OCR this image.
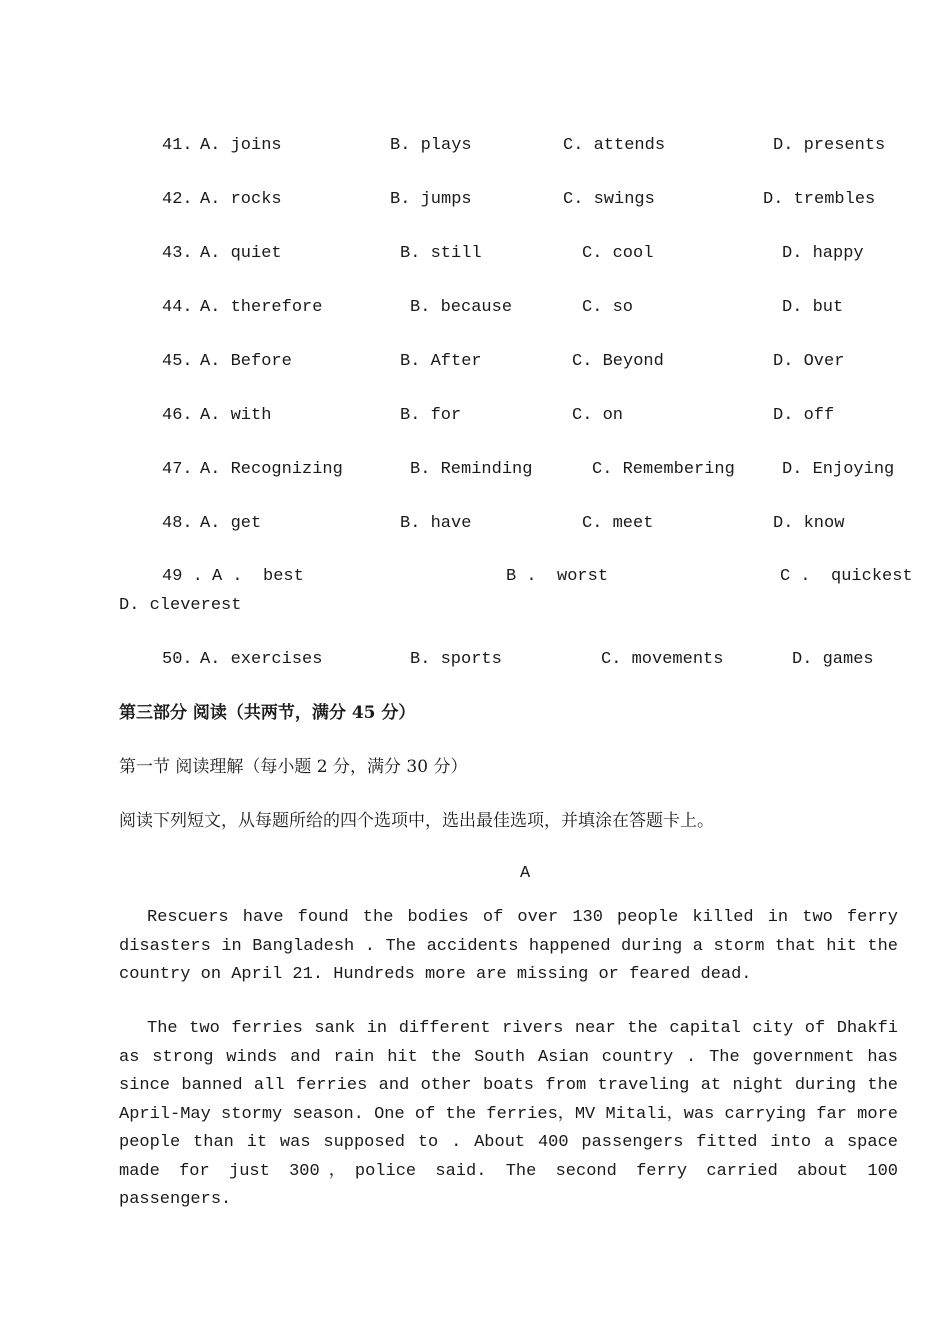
41. A. joins	B. plays	C. attends	D. presents
42. A. rocks	B. jumps	C. swings	D. trembles
43. A. quiet	B. still	C. cool	D. happy
44. A. therefore	B. because	C. so	D. but
45. A. Before	B. After	C. Beyond	D. Over
46. A. with	B. for	C. on	D. off
47. A. Recognizing	B. Reminding	C. Remembering	D. Enjoying
48. A. get	B. have	C. meet	D. know
49 . A .  best	B .  worst	C .  quickest
D. cleverest
50. A. exercises	B. sports	C. movements	D. games
第三部分 阅读（共两节，满分 45 分）
第一节 阅读理解（每小题 2 分，满分 30 分）
阅读下列短文，从每题所给的四个选项中，选出最佳选项，并填涂在答题卡上。
A

Rescuers have found the bodies of over 130 people killed in two ferry disasters in Bangladesh . The accidents happened during a storm that hit the country on April 21. Hundreds more are missing or feared dead.

The two ferries sank in different rivers near the capital city of Dhakfi as strong winds and rain hit the South Asian country . The government has since banned all ferries and other boats from traveling at night during the April-May stormy season. One of the ferries，MV Mitali，was carrying far more people than it was supposed to . About 400 passengers fitted into a space made for just 300，police said. The second ferry carried about 100 passengers.
